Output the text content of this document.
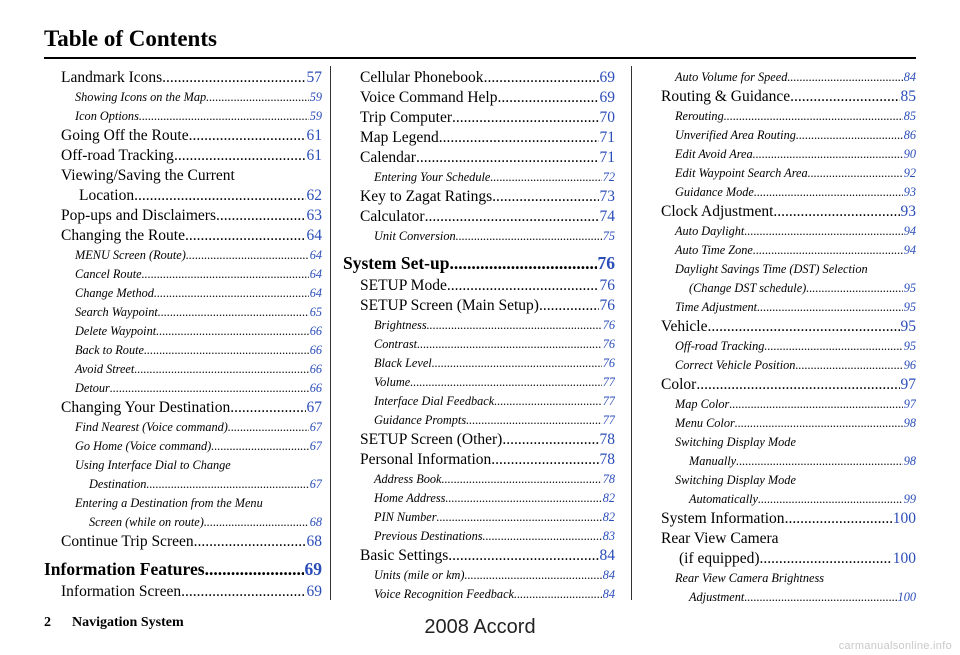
Table of Contents
Landmark Icons .....	57
Showing Icons on the Map .....	59
Icon Options .....	59
Going Off the Route .....	61
Off-road Tracking .....	61
Viewing/Saving the Current
Location .....	62
Pop-ups and Disclaimers .....	63
Changing the Route .....	64
MENU Screen (Route) .....	64
Cancel Route .....	64
Change Method .....	64
Search Waypoint .....	65
Delete Waypoint .....	66
Back to Route .....	66
Avoid Street .....	66
Detour .....	66
Changing Your Destination .....	67
Find Nearest (Voice command) .....	67
Go Home (Voice command) .....	67
Using Interface Dial to Change
Destination .....	67
Entering a Destination from the Menu
Screen (while on route) .....	68
Continue Trip Screen .....	68
Information Features .....	69
Information Screen .....	69
Cellular Phonebook .....	69
Voice Command Help .....	69
Trip Computer .....	70
Map Legend .....	71
Calendar .....	71
Entering Your Schedule .....	72
Key to Zagat Ratings .....	73
Calculator .....	74
Unit Conversion .....	75
System Set-up .....	76
SETUP Mode .....	76
SETUP Screen (Main Setup) .....	76
Brightness .....	76
Contrast .....	76
Black Level .....	76
Volume .....	77
Interface Dial Feedback .....	77
Guidance Prompts .....	77
SETUP Screen (Other) .....	78
Personal Information .....	78
Address Book .....	78
Home Address .....	82
PIN Number .....	82
Previous Destinations .....	83
Basic Settings .....	84
Units (mile or km) .....	84
Voice Recognition Feedback .....	84
Auto Volume for Speed .....	84
Routing & Guidance .....	85
Rerouting .....	85
Unverified Area Routing .....	86
Edit Avoid Area .....	90
Edit Waypoint Search Area .....	92
Guidance Mode .....	93
Clock Adjustment .....	93
Auto Daylight .....	94
Auto Time Zone .....	94
Daylight Savings Time (DST) Selection
(Change DST schedule) .....	95
Time Adjustment .....	95
Vehicle .....	95
Off-road Tracking .....	95
Correct Vehicle Position .....	96
Color .....	97
Map Color .....	97
Menu Color .....	98
Switching Display Mode
Manually .....	98
Switching Display Mode
Automatically .....	99
System Information .....	100
Rear View Camera
(if equipped) .....	100
Rear View Camera Brightness
Adjustment .....	100
2 Navigation System	2008 Accord
carmanualsonline.info
